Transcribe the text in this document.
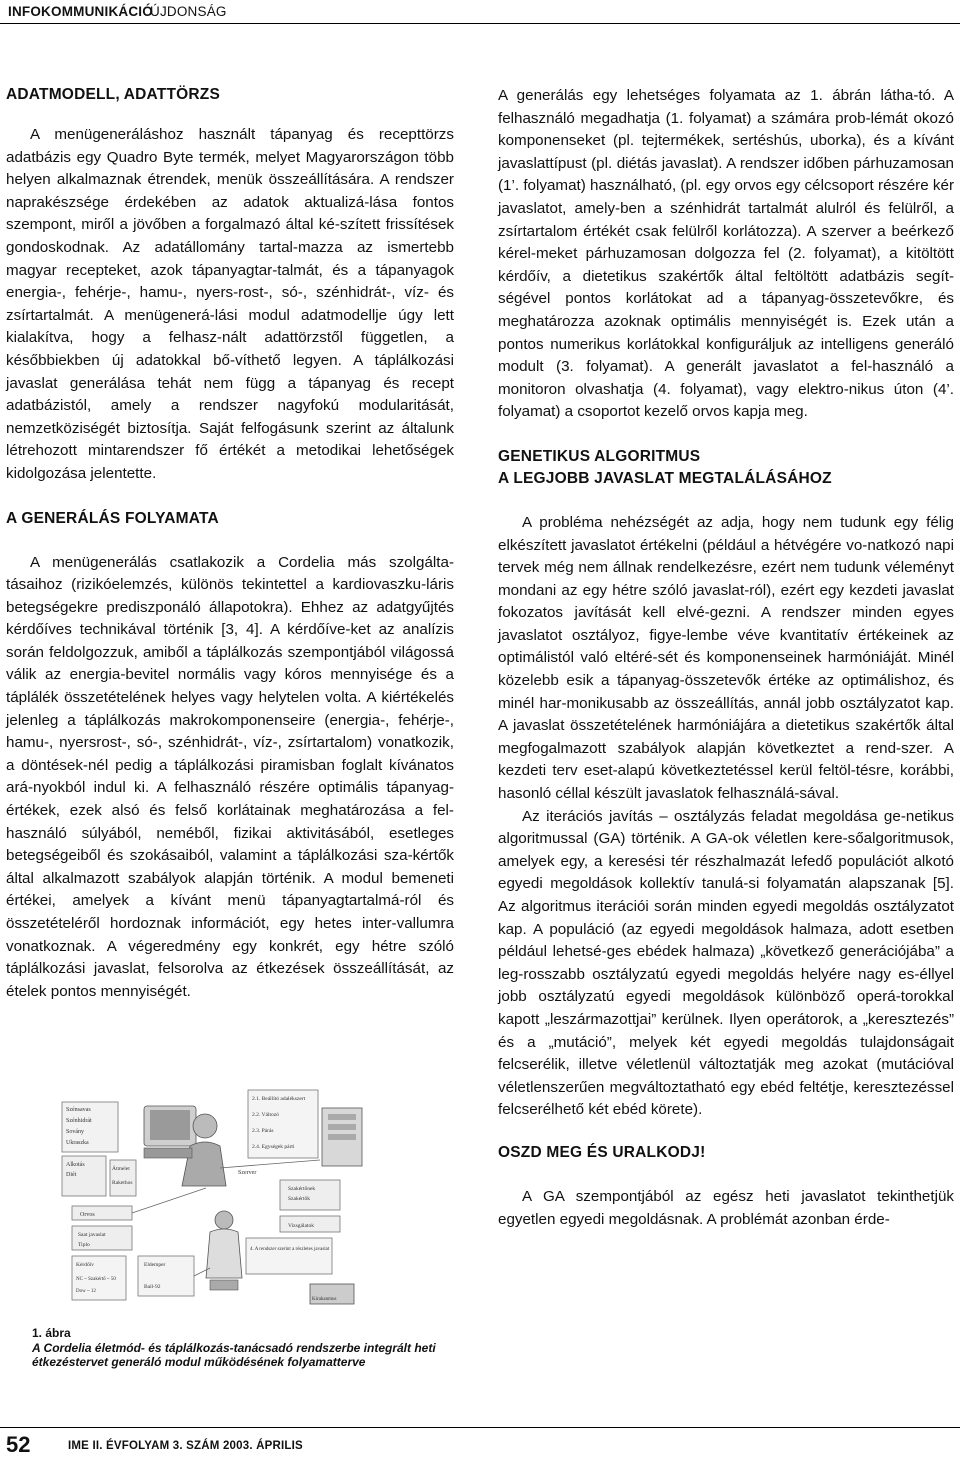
INFOKOMMUNIKÁCIÓ
ÚJDONSÁG
ADATMODELL, ADATTÖRZS

A menügeneráláshoz használt tápanyag és recepttörzs adatbázis egy Quadro Byte termék, melyet Magyarországon több helyen alkalmaznak étrendek, menük összeállítására. A rendszer naprakészsége érdekében az adatok aktualizá-lása fontos szempont, miről a jövőben a forgalmazó által ké-szített frissítések gondoskodnak. Az adatállomány tartal-mazza az ismertebb magyar recepteket, azok tápanyagtar-talmát, és a tápanyagok energia-, fehérje-, hamu-, nyers-rost-, só-, szénhidrát-, víz- és zsírtartalmát. A menügenerá-lási modul adatmodellje úgy lett kialakítva, hogy a felhasz-nált adattörzstől független, a későbbiekben új adatokkal bő-víthető legyen. A táplálkozási javaslat generálása tehát nem függ a tápanyag és recept adatbázistól, amely a rendszer nagyfokú modularitását, nemzetköziségét biztosítja. Saját felfogásunk szerint az általunk létrehozott mintarendszer fő értékét a metodikai lehetőségek kidolgozása jelentette.

A GENERÁLÁS FOLYAMATA

A menügenerálás csatlakozik a Cordelia más szolgálta-tásaihoz (rizikóelemzés, különös tekintettel a kardiovaszku-láris betegségekre prediszponáló állapotokra). Ehhez az adatgyűjtés kérdőíves technikával történik [3, 4]. A kérdőíve-ket az analízis során feldolgozzuk, amiből a táplálkozás szempontjából világossá válik az energia-bevitel normális vagy kóros mennyisége és a táplálék összetételének helyes vagy helytelen volta. A kiértékelés jelenleg a táplálkozás makrokomponenseire (energia-, fehérje-, hamu-, nyersrost-, só-, szénhidrát-, víz-, zsírtartalom) vonatkozik, a döntések-nél pedig a táplálkozási piramisban foglalt kívánatos ará-nyokból indul ki. A felhasználó részére optimális tápanyag-értékek, ezek alsó és felső korlátainak meghatározása a fel-használó súlyából, neméből, fizikai aktivitásából, esetleges betegségeiből és szokásaiból, valamint a táplálkozási sza-kértők által alkalmazott szabályok alapján történik. A modul bemeneti értékei, amelyek a kívánt menü tápanyagtartalmá-ról és összetételéről hordoznak információt, egy hetes inter-vallumra vonatkoznak. A végeredmény egy konkrét, egy hétre szóló táplálkozási javaslat, felsorolva az étkezések összeállítását, az ételek pontos mennyiségét.

Szénsavas
Szénhidrát
Sovány
Ukraszka
Alkotás
Diét
Átmelet
Rakethos
2.1. Beállító adalékszert
2.2. Változó
2.3. Párás
2.4. Egységek párti
Szerver
Szakértőnek
Szakértők
Vizsgálatok
4. A rendszer szerint a részletes javaslat
Orvos
Saat javaslat
Tiplo
Kérdőív
NC ~ Szakértő ~ 50
Dow ~ 12
Eldemper
Ball-92
Kirakanmus
1. ábra
A Cordelia életmód- és táplálkozás-tanácsadó rendszerbe integrált heti étkezéstervet generáló modul működésének folyamatterve

A generálás egy lehetséges folyamata az 1. ábrán látha-tó. A felhasználó megadhatja (1. folyamat) a számára prob-lémát okozó komponenseket (pl. tejtermékek, sertéshús, uborka), és a kívánt javaslattípust (pl. diétás javaslat). A rendszer időben párhuzamosan (1’. folyamat) használható, (pl. egy orvos egy célcsoport részére kér javaslatot, amely-ben a szénhidrát tartalmát alulról és felülről, a zsírtartalom értékét csak felülről korlátozza). A szerver a beérkező kérel-meket párhuzamosan dolgozza fel (2. folyamat), a kitöltött kérdőív, a dietetikus szakértők által feltöltött adatbázis segít-ségével pontos korlátokat ad a tápanyag-összetevőkre, és meghatározza azoknak optimális mennyiségét is. Ezek után a pontos numerikus korlátokkal konfiguráljuk az intelligens generáló modult (3. folyamat). A generált javaslatot a fel-használó a monitoron olvashatja (4. folyamat), vagy elektro-nikus úton (4’. folyamat) a csoportot kezelő orvos kapja meg.

GENETIKUS ALGORITMUS
A LEGJOBB JAVASLAT MEGTALÁLÁSÁHOZ

A probléma nehézségét az adja, hogy nem tudunk egy félig elkészített javaslatot értékelni (például a hétvégére vo-natkozó napi tervek még nem állnak rendelkezésre, ezért nem tudunk véleményt mondani az egy hétre szóló javaslat-ról), ezért egy kezdeti javaslat fokozatos javítását kell elvé-gezni. A rendszer minden egyes javaslatot osztályoz, figye-lembe véve kvantitatív értékeinek az optimálistól való eltéré-sét és komponenseinek harmóniáját. Minél közelebb esik a tápanyag-összetevők értéke az optimálishoz, és minél har-monikusabb az összeállítás, annál jobb osztályzatot kap. A javaslat összetételének harmóniájára a dietetikus szakértők által megfogalmazott szabályok alapján következtet a rend-szer. A kezdeti terv eset-alapú következtetéssel kerül feltöl-tésre, korábbi, hasonló céllal készült javaslatok felhasználá-sával.

Az iterációs javítás – osztályzás feladat megoldása ge-netikus algoritmussal (GA) történik. A GA-ok véletlen kere-sőalgoritmusok, amelyek egy, a keresési tér részhalmazát lefedő populációt alkotó egyedi megoldások kollektív tanulá-si folyamatán alapszanak [5]. Az algoritmus iterációi során minden egyedi megoldás osztályzatot kap. A populáció (az egyedi megoldások halmaza, adott esetben például lehetsé-ges ebédek halmaza) „következő generációjába” a leg-rosszabb osztályzatú egyedi megoldás helyére nagy es-éllyel jobb osztályzatú egyedi megoldások különböző operá-torokkal kapott „leszármazottjai” kerülnek. Ilyen operátorok, a „keresztezés” és a „mutáció”, melyek két egyedi megoldás tulajdonságait felcserélik, illetve véletlenül változtatják meg azokat (mutációval véletlenszerűen megváltoztatható egy ebéd feltétje, keresztezéssel felcserélhető két ebéd körete).

OSZD MEG ÉS URALKODJ!

A GA szempontjából az egész heti javaslatot tekinthetjük egyetlen egyedi megoldásnak. A problémát azonban érde-

52	IME II. ÉVFOLYAM 3. SZÁM 2003. ÁPRILIS
